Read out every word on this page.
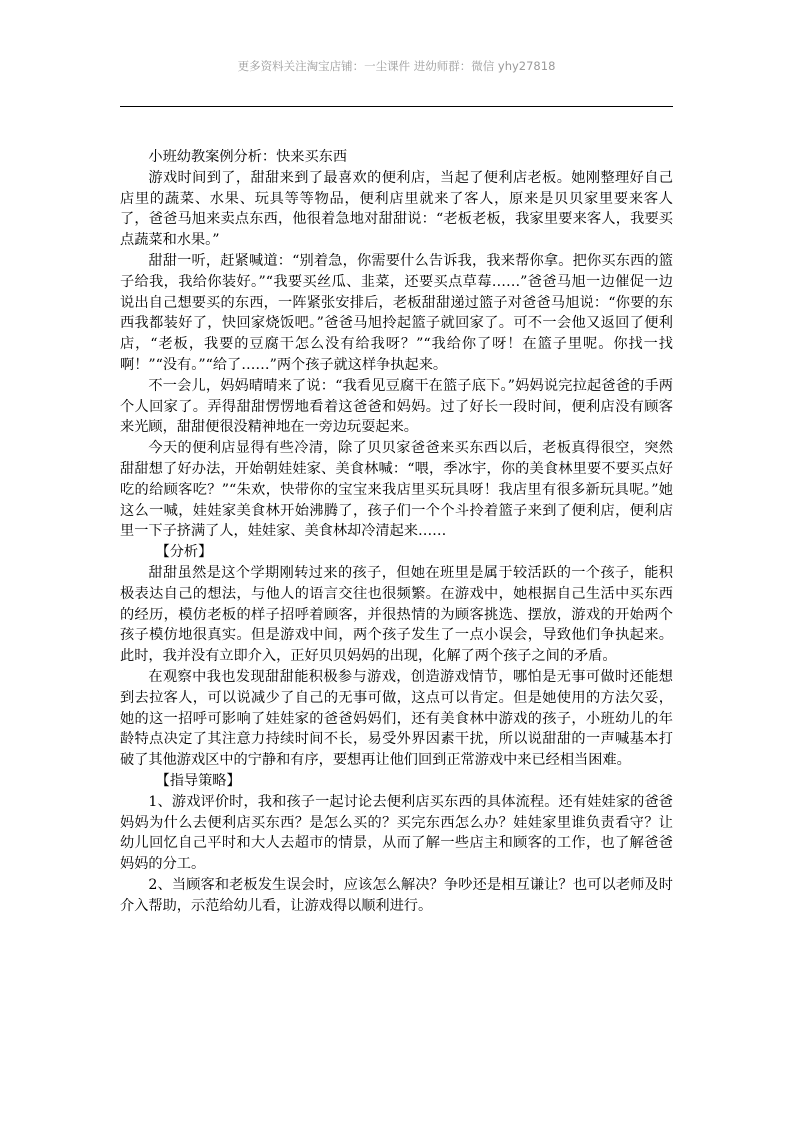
更多资料关注淘宝店铺：一尘课件 进幼师群：微信 yhy27818

小班幼教案例分析：快来买东西

游戏时间到了，甜甜来到了最喜欢的便利店，当起了便利店老板。她刚整理好自己店里的蔬菜、水果、玩具等等物品，便利店里就来了客人，原来是贝贝家里要来客人了，爸爸马旭来卖点东西，他很着急地对甜甜说：“老板老板，我家里要来客人，我要买点蔬菜和水果。”

甜甜一听，赶紧喊道：“别着急，你需要什么告诉我，我来帮你拿。把你买东西的篮子给我，我给你装好。”“我要买丝瓜、韭菜，还要买点草莓……”爸爸马旭一边催促一边说出自己想要买的东西，一阵紧张安排后，老板甜甜递过篮子对爸爸马旭说：“你要的东西我都装好了，快回家烧饭吧。”爸爸马旭拎起篮子就回家了。可不一会他又返回了便利店，“老板，我要的豆腐干怎么没有给我呀？”“我给你了呀！在篮子里呢。你找一找啊！”“没有。”“给了……”两个孩子就这样争执起来。

不一会儿，妈妈晴晴来了说：“我看见豆腐干在篮子底下。”妈妈说完拉起爸爸的手两个人回家了。弄得甜甜愣愣地看着这爸爸和妈妈。过了好长一段时间，便利店没有顾客来光顾，甜甜便很没精神地在一旁边玩耍起来。

今天的便利店显得有些冷清，除了贝贝家爸爸来买东西以后，老板真得很空，突然甜甜想了好办法，开始朝娃娃家、美食林喊：“喂，季冰宇，你的美食林里要不要买点好吃的给顾客吃？”“朱欢，快带你的宝宝来我店里买玩具呀！我店里有很多新玩具呢。”她这么一喊，娃娃家美食林开始沸腾了，孩子们一个个斗拎着篮子来到了便利店，便利店里一下子挤满了人，娃娃家、美食林却冷清起来……

【分析】

甜甜虽然是这个学期刚转过来的孩子，但她在班里是属于较活跃的一个孩子，能积极表达自己的想法，与他人的语言交往也很频繁。在游戏中，她根据自己生活中买东西的经历，模仿老板的样子招呼着顾客，并很热情的为顾客挑选、摆放，游戏的开始两个孩子模仿地很真实。但是游戏中间，两个孩子发生了一点小误会，导致他们争执起来。此时，我并没有立即介入，正好贝贝妈妈的出现，化解了两个孩子之间的矛盾。

在观察中我也发现甜甜能积极参与游戏，创造游戏情节，哪怕是无事可做时还能想到去拉客人，可以说减少了自己的无事可做，这点可以肯定。但是她使用的方法欠妥，她的这一招呼可影响了娃娃家的爸爸妈妈们，还有美食林中游戏的孩子，小班幼儿的年龄特点决定了其注意力持续时间不长，易受外界因素干扰，所以说甜甜的一声喊基本打破了其他游戏区中的宁静和有序，要想再让他们回到正常游戏中来已经相当困难。

【指导策略】

1、游戏评价时，我和孩子一起讨论去便利店买东西的具体流程。还有娃娃家的爸爸妈妈为什么去便利店买东西？是怎么买的？买完东西怎么办？娃娃家里谁负责看守？让幼儿回忆自己平时和大人去超市的情景，从而了解一些店主和顾客的工作，也了解爸爸妈妈的分工。

2、当顾客和老板发生误会时，应该怎么解决？争吵还是相互谦让？也可以老师及时介入帮助，示范给幼儿看，让游戏得以顺利进行。
